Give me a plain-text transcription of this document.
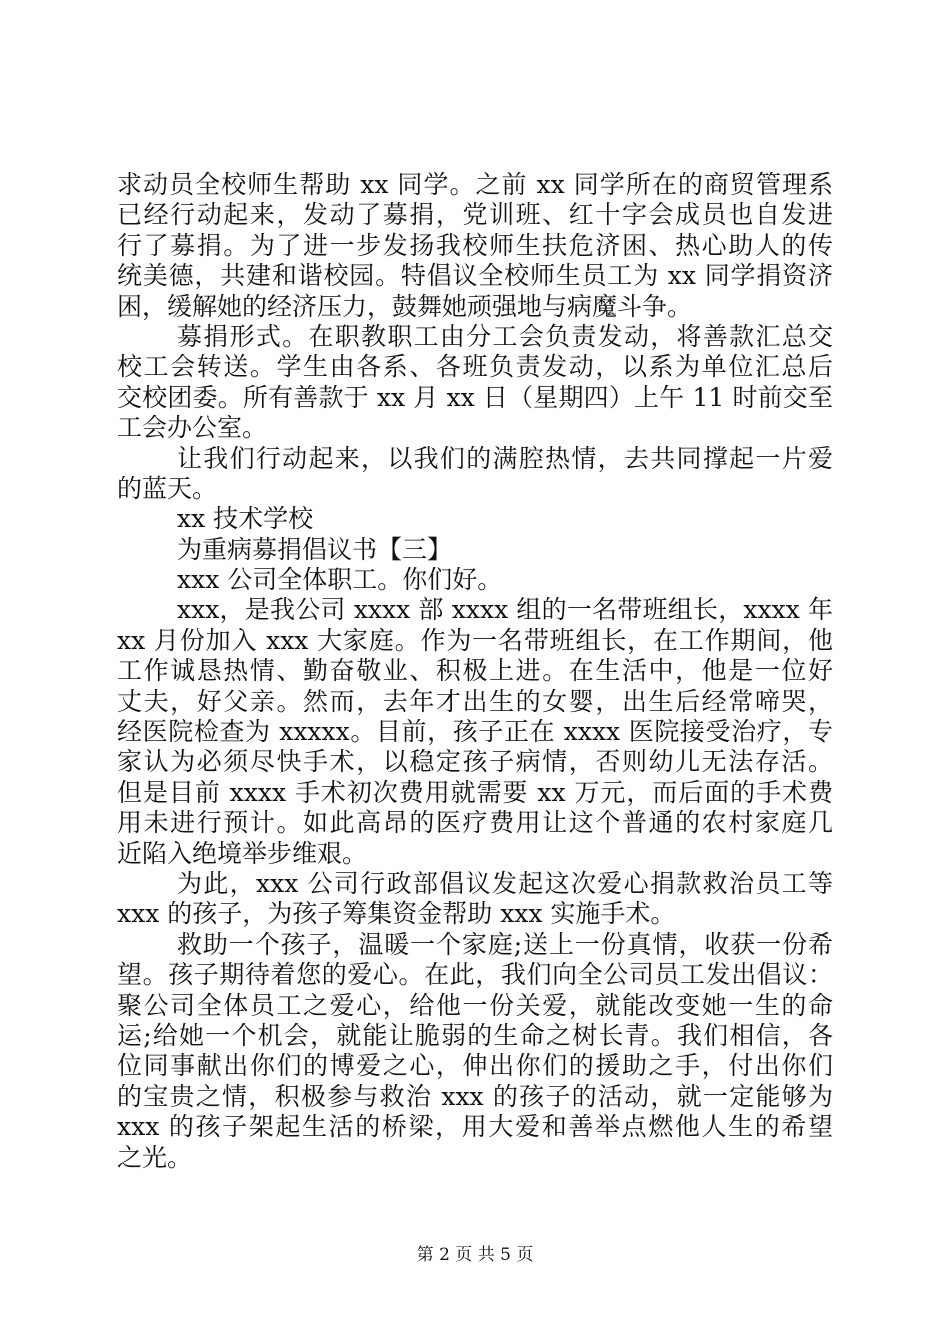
求动员全校师生帮助 xx 同学。之前 xx 同学所在的商贸管理系
已经行动起来，发动了募捐，党训班、红十字会成员也自发进
行了募捐。为了进一步发扬我校师生扶危济困、热心助人的传
统美德，共建和谐校园。特倡议全校师生员工为 xx 同学捐资济
困，缓解她的经济压力，鼓舞她顽强地与病魔斗争。
募捐形式。在职教职工由分工会负责发动，将善款汇总交
校工会转送。学生由各系、各班负责发动，以系为单位汇总后
交校团委。所有善款于 xx 月 xx 日（星期四）上午 11 时前交至
工会办公室。
让我们行动起来，以我们的满腔热情，去共同撑起一片爱
的蓝天。
xx 技术学校
为重病募捐倡议书【三】
xxx 公司全体职工。你们好。
xxx，是我公司 xxxx 部 xxxx 组的一名带班组长，xxxx 年
xx 月份加入 xxx 大家庭。作为一名带班组长，在工作期间，他
工作诚恳热情、勤奋敬业、积极上进。在生活中，他是一位好
丈夫，好父亲。然而，去年才出生的女婴，出生后经常啼哭，
经医院检查为 xxxxx。目前，孩子正在 xxxx 医院接受治疗，专
家认为必须尽快手术，以稳定孩子病情，否则幼儿无法存活。
但是目前 xxxx 手术初次费用就需要 xx 万元，而后面的手术费
用未进行预计。如此高昂的医疗费用让这个普通的农村家庭几
近陷入绝境举步维艰。
为此，xxx 公司行政部倡议发起这次爱心捐款救治员工等
xxx 的孩子，为孩子筹集资金帮助 xxx 实施手术。
救助一个孩子，温暖一个家庭;送上一份真情，收获一份希
望。孩子期待着您的爱心。在此，我们向全公司员工发出倡议：
聚公司全体员工之爱心，给他一份关爱，就能改变她一生的命
运;给她一个机会，就能让脆弱的生命之树长青。我们相信，各
位同事献出你们的博爱之心，伸出你们的援助之手，付出你们
的宝贵之情，积极参与救治 xxx 的孩子的活动，就一定能够为
xxx 的孩子架起生活的桥梁，用大爱和善举点燃他人生的希望
之光。
第 2 页 共 5 页
